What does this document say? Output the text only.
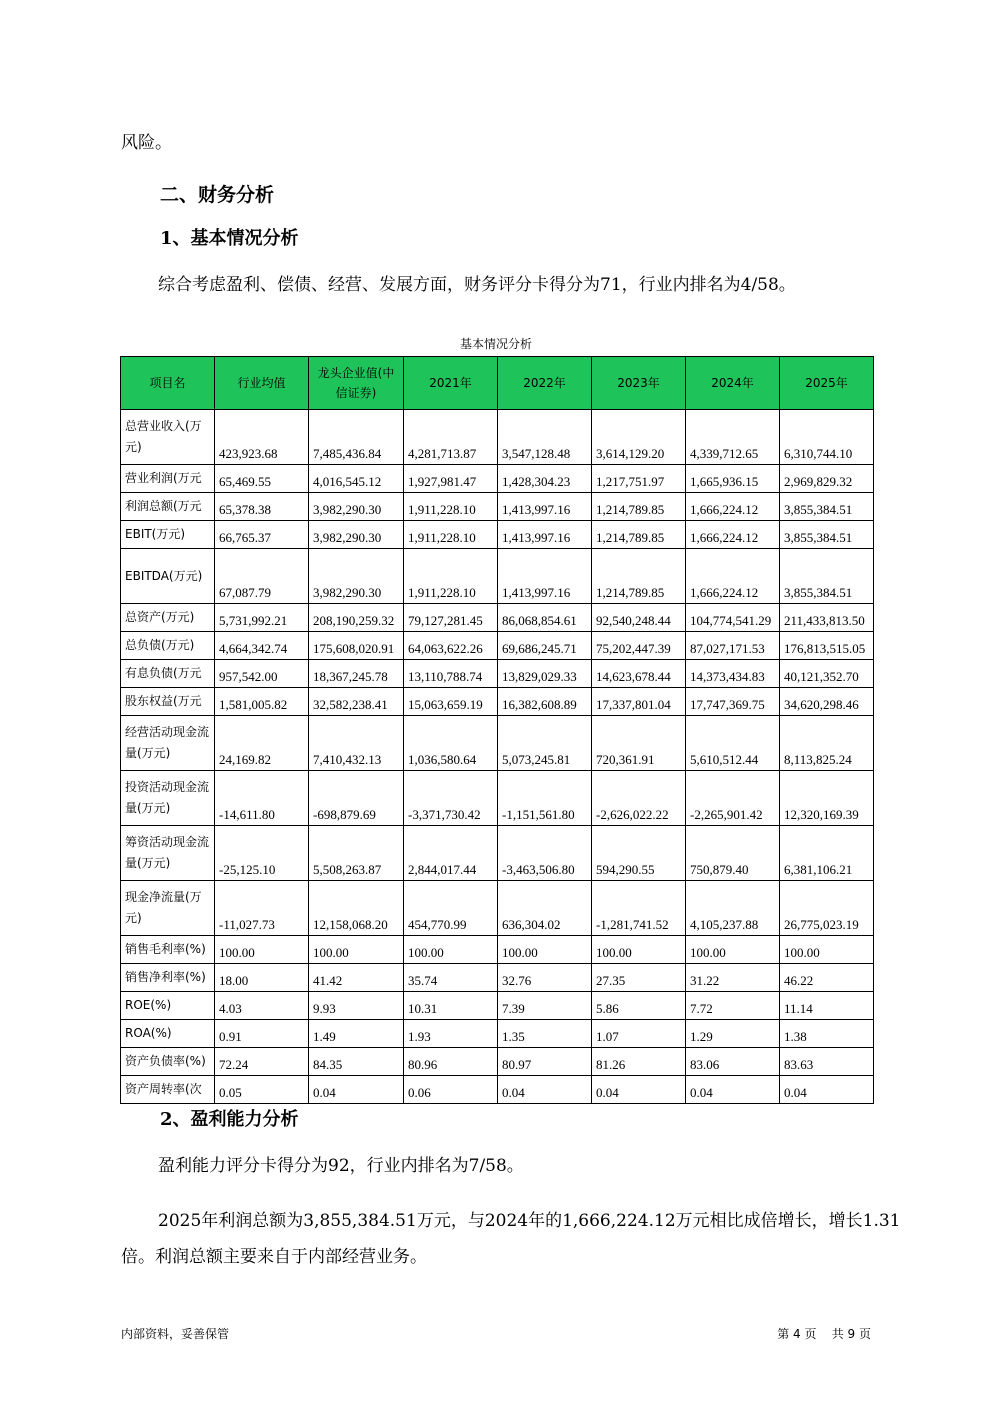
风险。
二、财务分析
1、基本情况分析
综合考虑盈利、偿债、经营、发展方面，财务评分卡得分为71，行业内排名为4/58。
基本情况分析
项目名	行业均值	龙头企业值(中信证券)	2021年	2022年	2023年	2024年	2025年
总营业收入(万元)	423,923.68	7,485,436.84	4,281,713.87	3,547,128.48	3,614,129.20	4,339,712.65	6,310,744.10
营业利润(万元	65,469.55	4,016,545.12	1,927,981.47	1,428,304.23	1,217,751.97	1,665,936.15	2,969,829.32
利润总额(万元	65,378.38	3,982,290.30	1,911,228.10	1,413,997.16	1,214,789.85	1,666,224.12	3,855,384.51
EBIT(万元)	66,765.37	3,982,290.30	1,911,228.10	1,413,997.16	1,214,789.85	1,666,224.12	3,855,384.51
EBITDA(万元)	67,087.79	3,982,290.30	1,911,228.10	1,413,997.16	1,214,789.85	1,666,224.12	3,855,384.51
总资产(万元)	5,731,992.21	208,190,259.32	79,127,281.45	86,068,854.61	92,540,248.44	104,774,541.29	211,433,813.50
总负债(万元)	4,664,342.74	175,608,020.91	64,063,622.26	69,686,245.71	75,202,447.39	87,027,171.53	176,813,515.05
有息负债(万元	957,542.00	18,367,245.78	13,110,788.74	13,829,029.33	14,623,678.44	14,373,434.83	40,121,352.70
股东权益(万元	1,581,005.82	32,582,238.41	15,063,659.19	16,382,608.89	17,337,801.04	17,747,369.75	34,620,298.46
经营活动现金流量(万元)	24,169.82	7,410,432.13	1,036,580.64	5,073,245.81	720,361.91	5,610,512.44	8,113,825.24
投资活动现金流量(万元)	-14,611.80	-698,879.69	-3,371,730.42	-1,151,561.80	-2,626,022.22	-2,265,901.42	12,320,169.39
筹资活动现金流量(万元)	-25,125.10	5,508,263.87	2,844,017.44	-3,463,506.80	594,290.55	750,879.40	6,381,106.21
现金净流量(万元)	-11,027.73	12,158,068.20	454,770.99	636,304.02	-1,281,741.52	4,105,237.88	26,775,023.19
销售毛利率(%)	100.00	100.00	100.00	100.00	100.00	100.00	100.00
销售净利率(%)	18.00	41.42	35.74	32.76	27.35	31.22	46.22
ROE(%)	4.03	9.93	10.31	7.39	5.86	7.72	11.14
ROA(%)	0.91	1.49	1.93	1.35	1.07	1.29	1.38
资产负债率(%)	72.24	84.35	80.96	80.97	81.26	83.06	83.63
资产周转率(次	0.05	0.04	0.06	0.04	0.04	0.04	0.04
2、盈利能力分析
盈利能力评分卡得分为92，行业内排名为7/58。
2025年利润总额为3,855,384.51万元，与2024年的1,666,224.12万元相比成倍增长，增长1.31
倍。利润总额主要来自于内部经营业务。
内部资料，妥善保管	第 4 页    共 9 页
